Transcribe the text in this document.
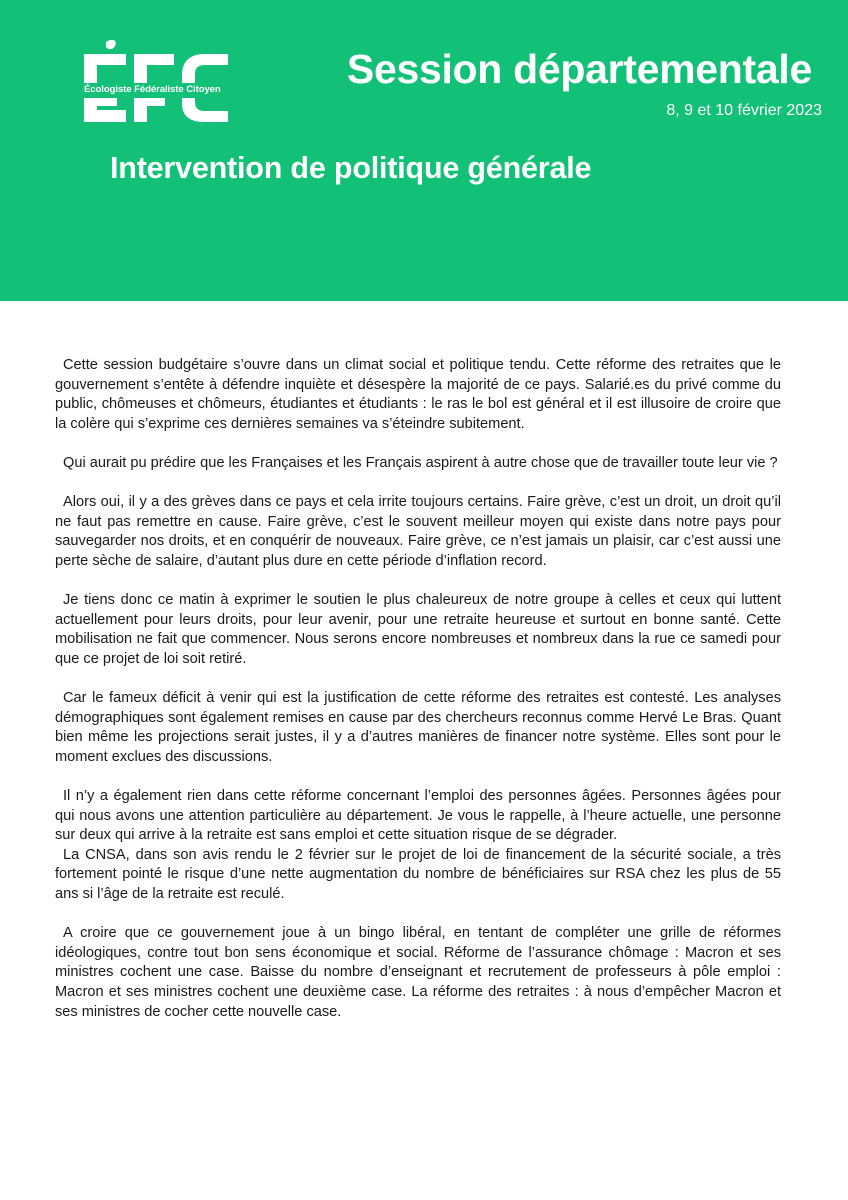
Écologiste Fédéraliste Citoyen	Session départementale
8, 9 et 10 février 2023
Intervention de politique générale

Cette session budgétaire s’ouvre dans un climat social et politique tendu. Cette réforme des retraites que le gouvernement s’entête à défendre inquiète et désespère la majorité de ce pays. Salarié.es du privé comme du public, chômeuses et chômeurs, étudiantes et étudiants : le ras le bol est général et il est illusoire de croire que la colère qui s’exprime ces dernières semaines va s’éteindre subitement.

Qui aurait pu prédire que les Françaises et les Français aspirent à autre chose que de travailler toute leur vie ?

Alors oui, il y a des grèves dans ce pays et cela irrite toujours certains. Faire grève, c’est un droit, un droit qu’il ne faut pas remettre en cause. Faire grève, c’est le souvent meilleur moyen qui existe dans notre pays pour sauvegarder nos droits, et en conquérir de nouveaux. Faire grève, ce n’est jamais un plaisir, car c’est aussi une perte sèche de salaire, d’autant plus dure en cette période d’inflation record.

Je tiens donc ce matin à exprimer le soutien le plus chaleureux de notre groupe à celles et ceux qui luttent actuellement pour leurs droits, pour leur avenir, pour une retraite heureuse et surtout en bonne santé. Cette mobilisation ne fait que commencer. Nous serons encore nombreuses et nombreux dans la rue ce samedi pour que ce projet de loi soit retiré.

Car le fameux déficit à venir qui est la justification de cette réforme des retraites est contesté. Les analyses démographiques sont également remises en cause par des chercheurs reconnus comme Hervé Le Bras. Quant bien même les projections serait justes, il y a d’autres manières de financer notre système. Elles sont pour le moment exclues des discussions.

Il n’y a également rien dans cette réforme concernant l’emploi des personnes âgées. Personnes âgées pour qui nous avons une attention particulière au département. Je vous le rappelle, à l’heure actuelle, une personne sur deux qui arrive à la retraite est sans emploi et cette situation risque de se dégrader.

La CNSA, dans son avis rendu le 2 février sur le projet de loi de financement de la sécurité sociale, a très fortement pointé le risque d’une nette augmentation du nombre de bénéficiaires sur RSA chez les plus de 55 ans si l’âge de la retraite est reculé.

A croire que ce gouvernement joue à un bingo libéral, en tentant de compléter une grille de réformes idéologiques, contre tout bon sens économique et social. Réforme de l’assurance chômage : Macron et ses ministres cochent une case. Baisse du nombre d’enseignant et recrutement de professeurs à pôle emploi : Macron et ses ministres cochent une deuxième case. La réforme des retraites : à nous d’empêcher Macron et ses ministres de cocher cette nouvelle case.
